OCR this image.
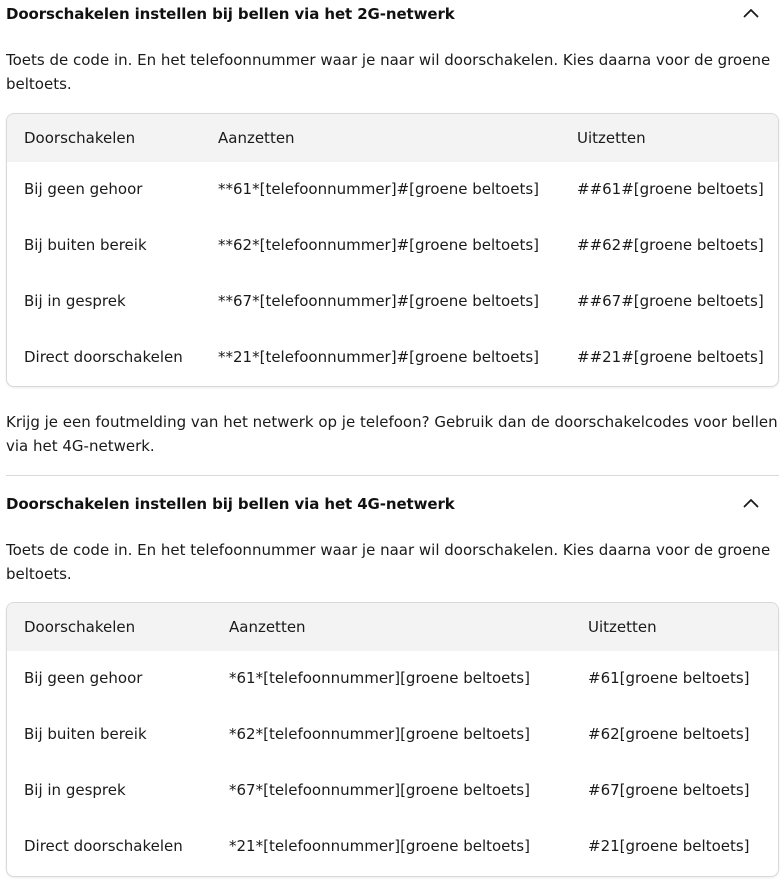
Doorschakelen instellen bij bellen via het 2G-netwerk

Toets de code in. En het telefoonnummer waar je naar wil doorschakelen. Kies daarna voor de groene beltoets.

Doorschakelen	Aanzetten	Uitzetten
Bij geen gehoor	**61*[telefoonnummer]#[groene beltoets]	##61#[groene beltoets]
Bij buiten bereik	**62*[telefoonnummer]#[groene beltoets]	##62#[groene beltoets]
Bij in gesprek	**67*[telefoonnummer]#[groene beltoets]	##67#[groene beltoets]
Direct doorschakelen **21*[telefoonnummer]#[groene beltoets]	##21#[groene beltoets]

Krijg je een foutmelding van het netwerk op je telefoon? Gebruik dan de doorschakelcodes voor bellen via het 4G-netwerk.

Doorschakelen instellen bij bellen via het 4G-netwerk

Toets de code in. En het telefoonnummer waar je naar wil doorschakelen. Kies daarna voor de groene beltoets.

Doorschakelen	Aanzetten	Uitzetten
Bij geen gehoor	*61*[telefoonnummer][groene beltoets]	#61[groene beltoets]
Bij buiten bereik	*62*[telefoonnummer][groene beltoets]	#62[groene beltoets]
Bij in gesprek	*67*[telefoonnummer][groene beltoets]	#67[groene beltoets]
Direct doorschakelen	*21*[telefoonnummer][groene beltoets]	#21[groene beltoets]
